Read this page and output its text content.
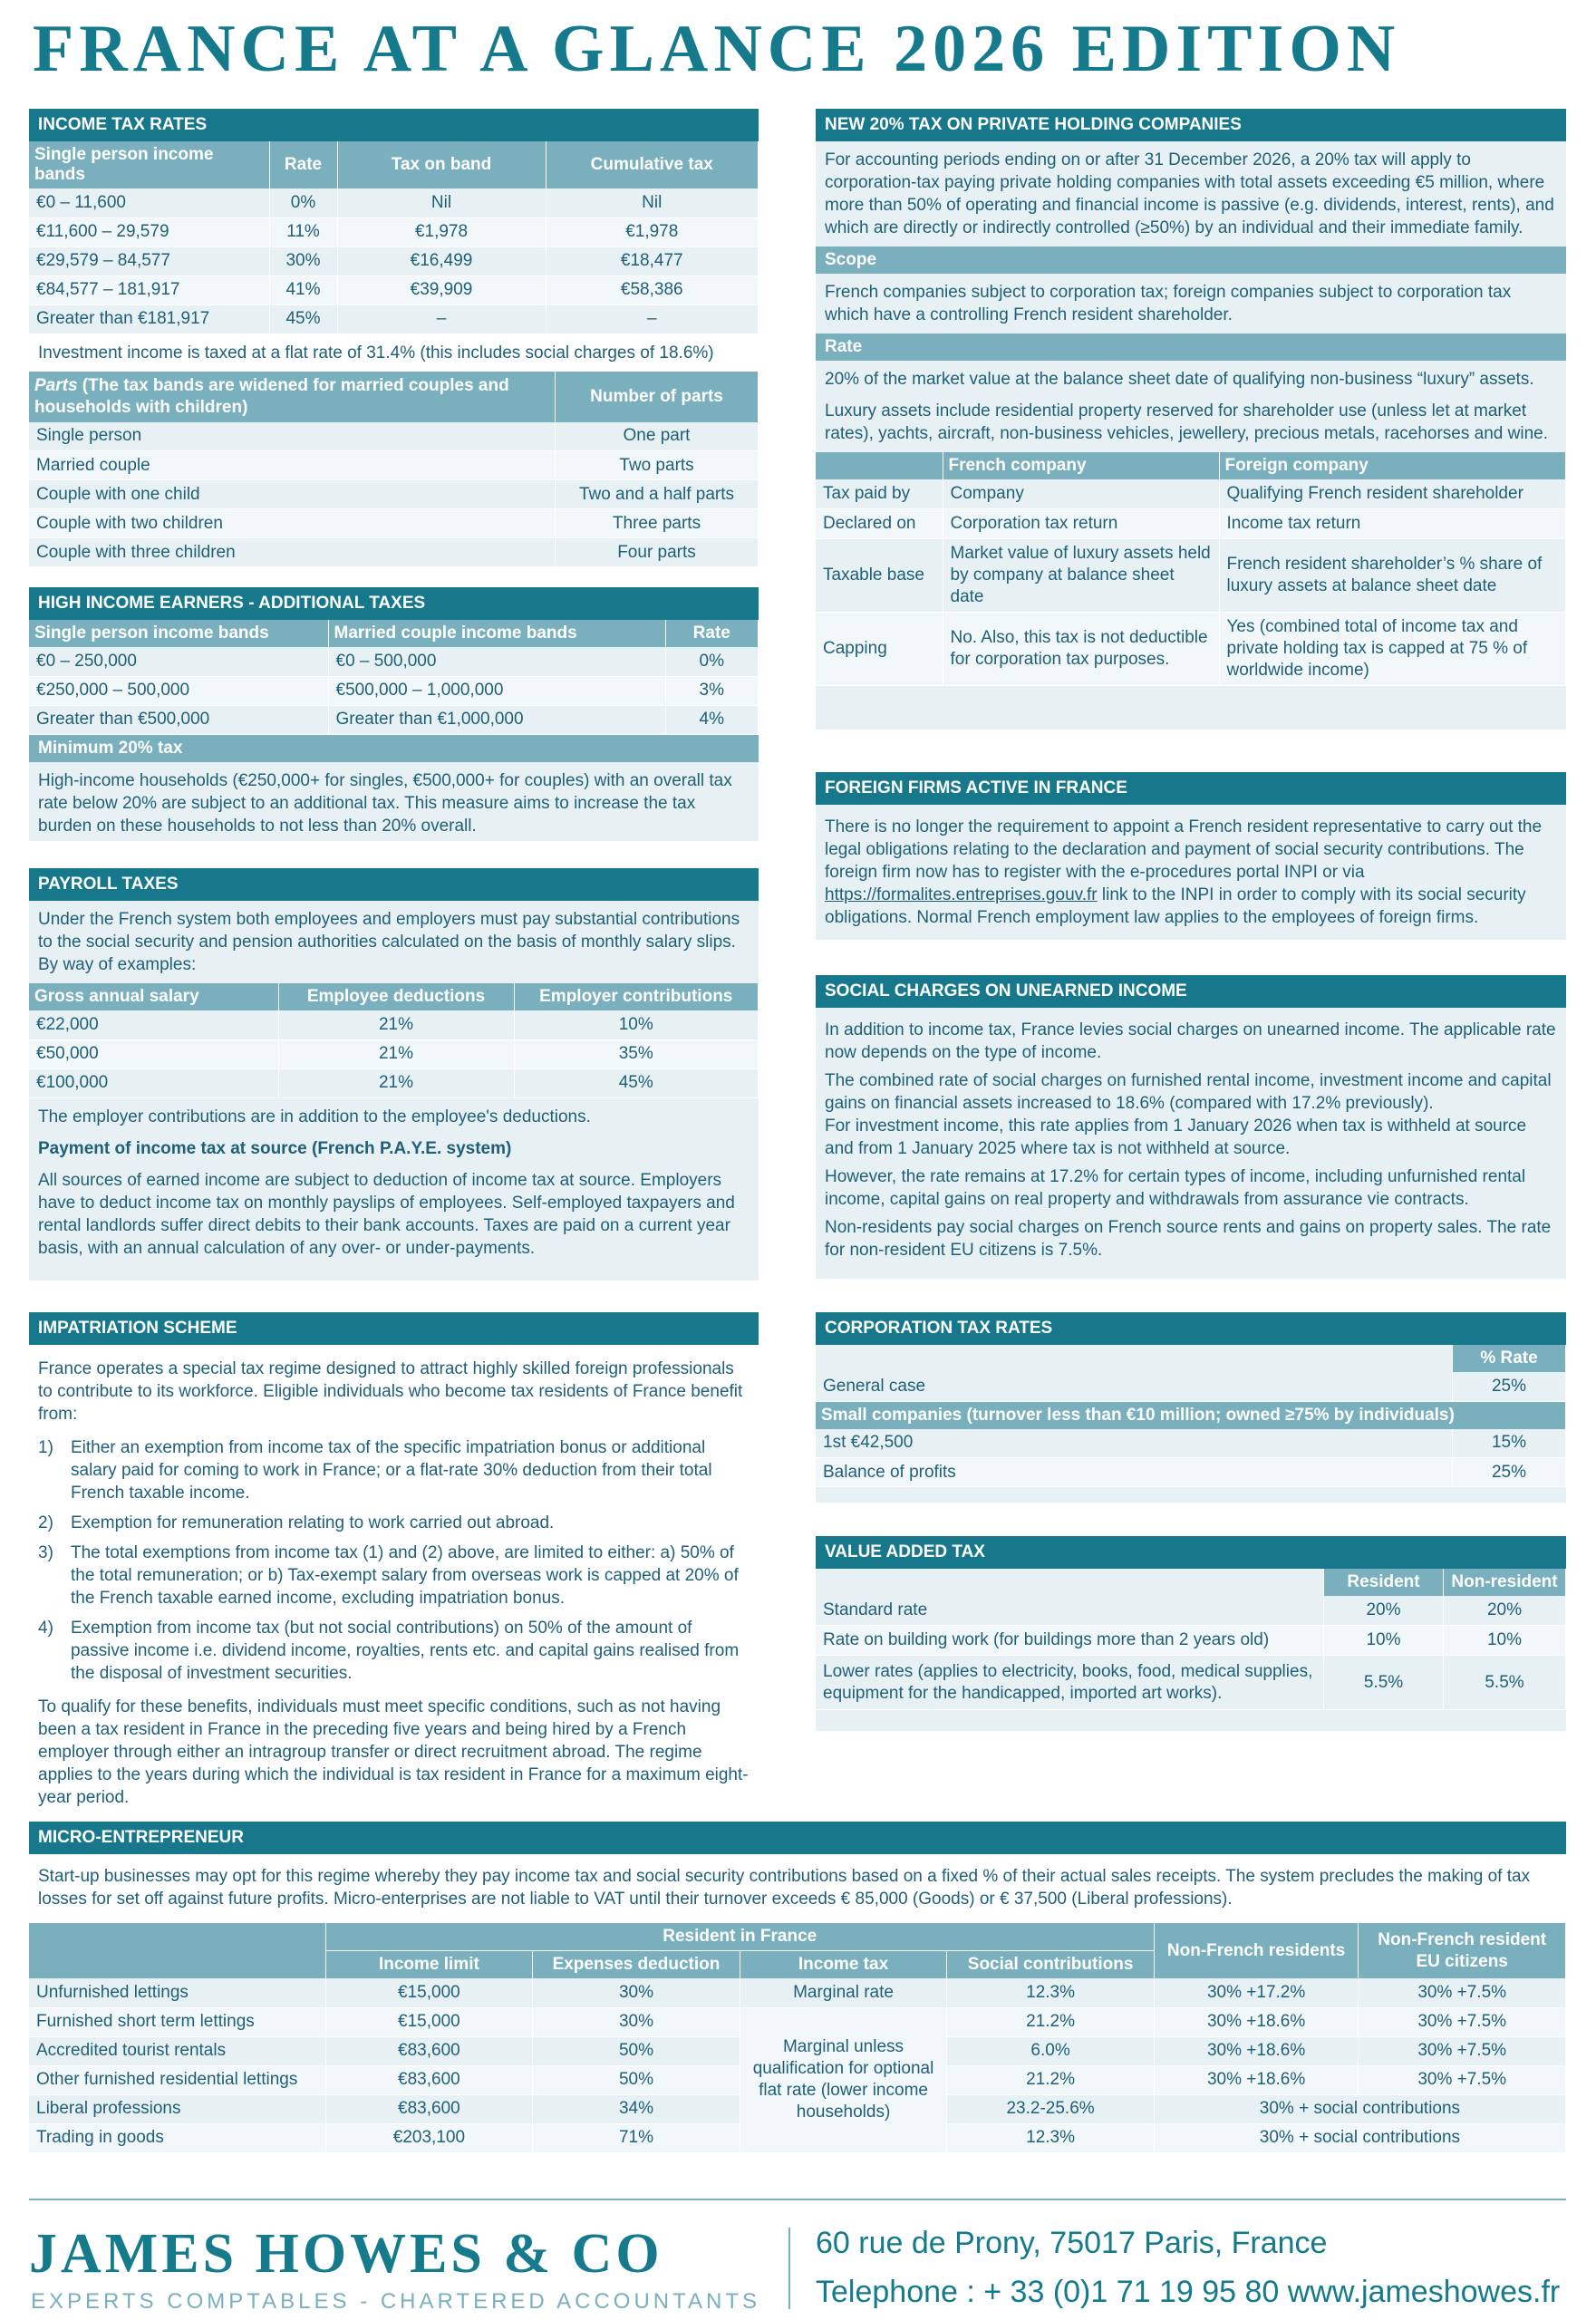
FRANCE AT A GLANCE 2026 EDITION
INCOME TAX RATES
Single person income bands	Rate	Tax on band	Cumulative tax
€0 – 11,600	0%	Nil	Nil
€11,600 – 29,579	11%	€1,978	€1,978
€29,579 – 84,577	30%	€16,499	€18,477
€84,577 – 181,917	41%	€39,909	€58,386
Greater than €181,917	45%	–	–
Investment income is taxed at a flat rate of 31.4% (this includes social charges of 18.6%)
Parts (The tax bands are widened for married couples and households with children)	Number of parts
Single person	One part
Married couple	Two parts
Couple with one child	Two and a half parts
Couple with two children	Three parts
Couple with three children	Four parts
HIGH INCOME EARNERS - ADDITIONAL TAXES
Single person income bands	Married couple income bands	Rate
€0 – 250,000	€0 – 500,000	0%
€250,000 – 500,000	€500,000 – 1,000,000	3%
Greater than €500,000	Greater than €1,000,000	4%
Minimum 20% tax
High-income households (€250,000+ for singles, €500,000+ for couples) with an overall tax rate below 20% are subject to an additional tax. This measure aims to increase the tax burden on these households to not less than 20% overall.
PAYROLL TAXES
Under the French system both employees and employers must pay substantial contributions to the social security and pension authorities calculated on the basis of monthly salary slips. By way of examples:
Gross annual salary	Employee deductions	Employer contributions
€22,000	21%	10%
€50,000	21%	35%
€100,000	21%	45%
The employer contributions are in addition to the employee's deductions.
Payment of income tax at source (French P.A.Y.E. system)
All sources of earned income are subject to deduction of income tax at source. Employers have to deduct income tax on monthly payslips of employees. Self-employed taxpayers and rental landlords suffer direct debits to their bank accounts. Taxes are paid on a current year basis, with an annual calculation of any over- or under-payments.
IMPATRIATION SCHEME
France operates a special tax regime designed to attract highly skilled foreign professionals to contribute to its workforce. Eligible individuals who become tax residents of France benefit from:
1)	Either an exemption from income tax of the specific impatriation bonus or additional salary paid for coming to work in France; or a flat-rate 30% deduction from their total French taxable income.
2)	Exemption for remuneration relating to work carried out abroad.
3)	The total exemptions from income tax (1) and (2) above, are limited to either: a) 50% of the total remuneration; or b) Tax-exempt salary from overseas work is capped at 20% of the French taxable earned income, excluding impatriation bonus.
4)	Exemption from income tax (but not social contributions) on 50% of the amount of passive income i.e. dividend income, royalties, rents etc. and capital gains realised from the disposal of investment securities.
To qualify for these benefits, individuals must meet specific conditions, such as not having been a tax resident in France in the preceding five years and being hired by a French employer through either an intragroup transfer or direct recruitment abroad. The regime applies to the years during which the individual is tax resident in France for a maximum eight-year period.
NEW 20% TAX ON PRIVATE HOLDING COMPANIES
For accounting periods ending on or after 31 December 2026, a 20% tax will apply to corporation-tax paying private holding companies with total assets exceeding €5 million, where more than 50% of operating and financial income is passive (e.g. dividends, interest, rents), and which are directly or indirectly controlled (≥50%) by an individual and their immediate family.
Scope
French companies subject to corporation tax; foreign companies subject to corporation tax which have a controlling French resident shareholder.
Rate
20% of the market value at the balance sheet date of qualifying non-business “luxury” assets.
Luxury assets include residential property reserved for shareholder use (unless let at market rates), yachts, aircraft, non-business vehicles, jewellery, precious metals, racehorses and wine.
	French company	Foreign company
Tax paid by	Company	Qualifying French resident shareholder
Declared on	Corporation tax return	Income tax return
Taxable base	Market value of luxury assets held by company at balance sheet date	French resident shareholder’s % share of luxury assets at balance sheet date
Capping	No. Also, this tax is not deductible for corporation tax purposes.	Yes (combined total of income tax and private holding tax is capped at 75 % of worldwide income)
FOREIGN FIRMS ACTIVE IN FRANCE
There is no longer the requirement to appoint a French resident representative to carry out the legal obligations relating to the declaration and payment of social security contributions. The foreign firm now has to register with the e-procedures portal INPI or via https://formalites.entreprises.gouv.fr link to the INPI in order to comply with its social security obligations. Normal French employment law applies to the employees of foreign firms.
SOCIAL CHARGES ON UNEARNED INCOME
In addition to income tax, France levies social charges on unearned income. The applicable rate now depends on the type of income.
The combined rate of social charges on furnished rental income, investment income and capital gains on financial assets increased to 18.6% (compared with 17.2% previously).
For investment income, this rate applies from 1 January 2026 when tax is withheld at source and from 1 January 2025 where tax is not withheld at source.
However, the rate remains at 17.2% for certain types of income, including unfurnished rental income, capital gains on real property and withdrawals from assurance vie contracts.
Non-residents pay social charges on French source rents and gains on property sales. The rate for non-resident EU citizens is 7.5%.
CORPORATION TAX RATES
	% Rate
General case	25%
Small companies (turnover less than €10 million; owned ≥75% by individuals)	
1st €42,500	15%
Balance of profits	25%
VALUE ADDED TAX
	Resident	Non-resident
Standard rate	20%	20%
Rate on building work (for buildings more than 2 years old)	10%	10%
Lower rates (applies to electricity, books, food, medical supplies, equipment for the handicapped, imported art works).	5.5%	5.5%
MICRO-ENTREPRENEUR
Start-up businesses may opt for this regime whereby they pay income tax and social security contributions based on a fixed % of their actual sales receipts. The system precludes the making of tax losses for set off against future profits. Micro-enterprises are not liable to VAT until their turnover exceeds € 85,000 (Goods) or € 37,500 (Liberal professions).
	Resident in France				Non-French residents	Non-French resident EU citizens
	Income limit	Expenses deduction	Income tax	Social contributions		
Unfurnished lettings	€15,000	30%	Marginal rate	12.3%	30% +17.2%	30% +7.5%
Furnished short term lettings	€15,000	30%	Marginal unless qualification for optional flat rate (lower income households)	21.2%	30% +18.6%	30% +7.5%
Accredited tourist rentals	€83,600	50%		6.0%	30% +18.6%	30% +7.5%
Other furnished residential lettings	€83,600	50%		21.2%	30% +18.6%	30% +7.5%
Liberal professions	€83,600	34%		23.2-25.6%	30% + social contributions	
Trading in goods	€203,100	71%		12.3%	30% + social contributions	
JAMES HOWES & CO
EXPERTS COMPTABLES - CHARTERED ACCOUNTANTS
60 rue de Prony, 75017 Paris, France
Telephone : + 33 (0)1 71 19 95 80 www.jameshowes.fr
